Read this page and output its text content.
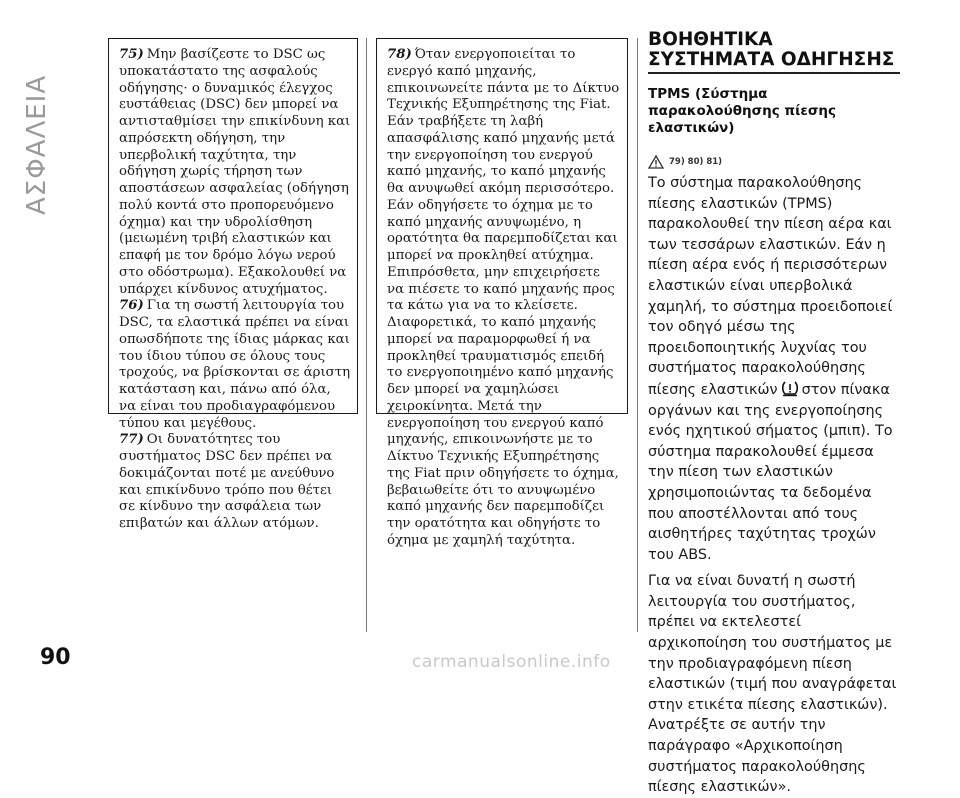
ΑΣΦΑΛΕΙΑ

75) Μην βασίζεστε το DSC ως υποκατάστατο της ασφαλούς οδήγησης· ο δυναμικός έλεγχος ευστάθειας (DSC) δεν μπορεί να αντισταθμίσει την επικίνδυνη και απρόσεκτη οδήγηση, την υπερβολική ταχύτητα, την οδήγηση χωρίς τήρηση των αποστάσεων ασφαλείας (οδήγηση πολύ κοντά στο προπορευόμενο όχημα) και την υδρολίσθηση (μειωμένη τριβή ελαστικών και επαφή με τον δρόμο λόγω νερού στο οδόστρωμα). Εξακολουθεί να υπάρχει κίνδυνος ατυχήματος.

76) Για τη σωστή λειτουργία του DSC, τα ελαστικά πρέπει να είναι οπωσδήποτε της ίδιας μάρκας και του ίδιου τύπου σε όλους τους τροχούς, να βρίσκονται σε άριστη κατάσταση και, πάνω από όλα, να είναι του προδιαγραφόμενου τύπου και μεγέθους.

77) Οι δυνατότητες του συστήματος DSC δεν πρέπει να δοκιμάζονται ποτέ με ανεύθυνο και επικίνδυνο τρόπο που θέτει σε κίνδυνο την ασφάλεια των επιβατών και άλλων ατόμων.

78) Όταν ενεργοποιείται το ενεργό καπό μηχανής, επικοινωνείτε πάντα με το Δίκτυο Τεχνικής Εξυπηρέτησης της Fiat. Εάν τραβήξετε τη λαβή απασφάλισης καπό μηχανής μετά την ενεργοποίηση του ενεργού καπό μηχανής, το καπό μηχανής θα ανυψωθεί ακόμη περισσότερο. Εάν οδηγήσετε το όχημα με το καπό μηχανής ανυψωμένο, η ορατότητα θα παρεμποδίζεται και μπορεί να προκληθεί ατύχημα. Επιπρόσθετα, μην επιχειρήσετε να πιέσετε το καπό μηχανής προς τα κάτω για να το κλείσετε. Διαφορετικά, το καπό μηχανής μπορεί να παραμορφωθεί ή να προκληθεί τραυματισμός επειδή το ενεργοποιημένο καπό μηχανής δεν μπορεί να χαμηλώσει χειροκίνητα. Μετά την ενεργοποίηση του ενεργού καπό μηχανής, επικοινωνήστε με το Δίκτυο Τεχνικής Εξυπηρέτησης της Fiat πριν οδηγήσετε το όχημα, βεβαιωθείτε ότι το ανυψωμένο καπό μηχανής δεν παρεμποδίζει την ορατότητα και οδηγήστε το όχημα με χαμηλή ταχύτητα.

ΒΟΗΘΗΤΙΚΑ ΣΥΣΤΗΜΑΤΑ ΟΔΗΓΗΣΗΣ
TPMS (Σύστημα παρακολούθησης πίεσης ελαστικών)
79) 80) 81)

Το σύστημα παρακολούθησης πίεσης ελαστικών (TPMS) παρακολουθεί την πίεση αέρα και των τεσσάρων ελαστικών. Εάν η πίεση αέρα ενός ή περισσότερων ελαστικών είναι υπερβολικά χαμηλή, το σύστημα προειδοποιεί τον οδηγό μέσω της προειδοποιητικής λυχνίας του συστήματος παρακολούθησης πίεσης ελαστικών στον πίνακα οργάνων και της ενεργοποίησης ενός ηχητικού σήματος (μπιπ). Το σύστημα παρακολουθεί έμμεσα την πίεση των ελαστικών χρησιμοποιώντας τα δεδομένα που αποστέλλονται από τους αισθητήρες ταχύτητας τροχών του ABS.

Για να είναι δυνατή η σωστή λειτουργία του συστήματος, πρέπει να εκτελεστεί αρχικοποίηση του συστήματος με την προδιαγραφόμενη πίεση ελαστικών (τιμή που αναγράφεται στην ετικέτα πίεσης ελαστικών). Ανατρέξτε σε αυτήν την παράγραφο «Αρχικοποίηση συστήματος παρακολούθησης πίεσης ελαστικών».

90	carmanualsonline.info
